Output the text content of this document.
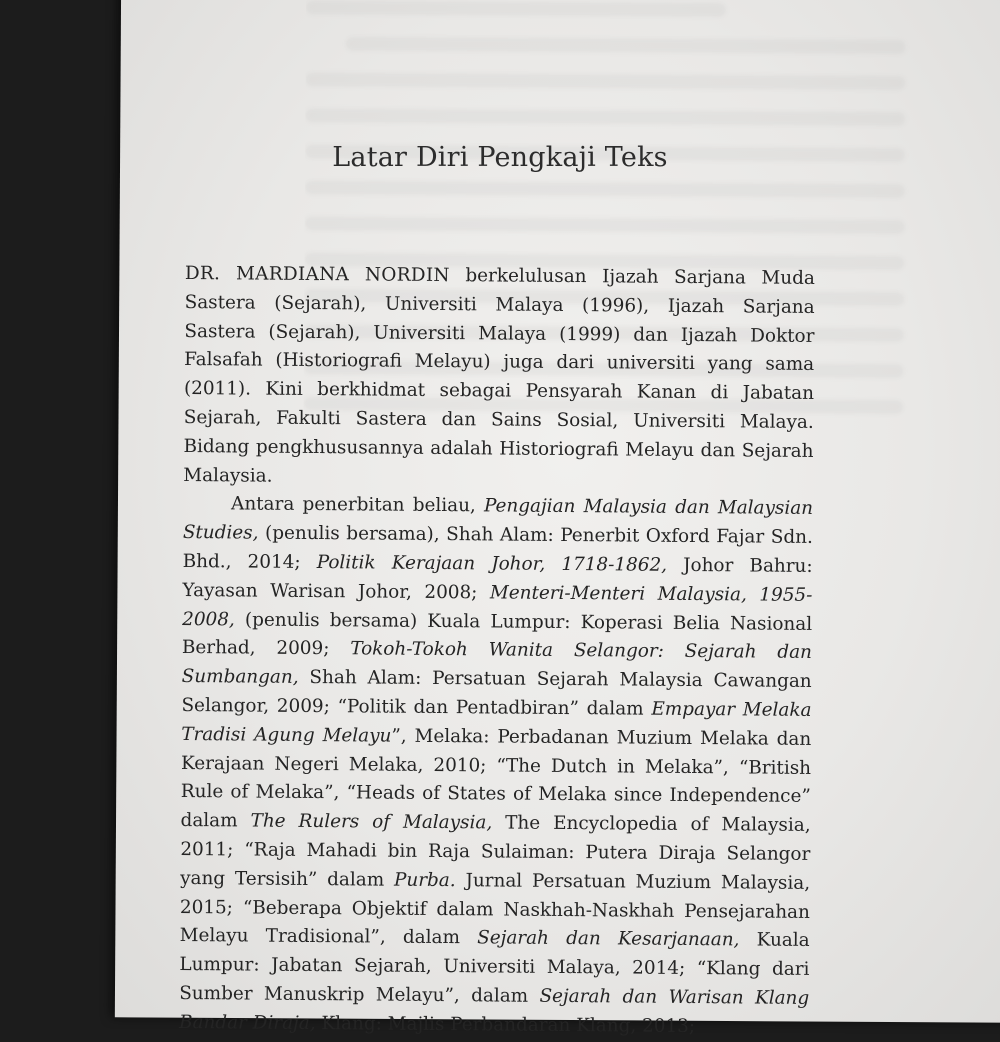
Latar Diri Pengkaji Teks

DR. MARDIANA NORDIN berkelulusan Ijazah Sarjana Muda Sastera (Sejarah), Universiti Malaya (1996), Ijazah Sarjana Sastera (Sejarah), Universiti Malaya (1999) dan Ijazah Doktor Falsafah (Historiografi Melayu) juga dari universiti yang sama (2011). Kini berkhidmat sebagai Pensyarah Kanan di Jabatan Sejarah, Fakulti Sastera dan Sains Sosial, Universiti Malaya. Bidang pengkhususannya adalah Historiografi Melayu dan Sejarah Malaysia.

Antara penerbitan beliau, Pengajian Malaysia dan Malaysian Studies, (penulis bersama), Shah Alam: Penerbit Oxford Fajar Sdn. Bhd., 2014; Politik Kerajaan Johor, 1718-1862, Johor Bahru: Yayasan Warisan Johor, 2008; Menteri-Menteri Malaysia, 1955-2008, (penulis bersama) Kuala Lumpur: Koperasi Belia Nasional Berhad, 2009; Tokoh-Tokoh Wanita Selangor: Sejarah dan Sumbangan, Shah Alam: Persatuan Sejarah Malaysia Cawangan Selangor, 2009; “Politik dan Pentadbiran” dalam Empayar Melaka Tradisi Agung Melayu”, Melaka: Perbadanan Muzium Melaka dan Kerajaan Negeri Melaka, 2010; “The Dutch in Melaka”, “British Rule of Melaka”, “Heads of States of Melaka since Independence” dalam The Rulers of Malaysia, The Encyclopedia of Malaysia, 2011; “Raja Mahadi bin Raja Sulaiman: Putera Diraja Selangor yang Tersisih” dalam Purba. Jurnal Persatuan Muzium Malaysia, 2015; “Beberapa Objektif dalam Naskhah-Naskhah Pensejarahan Melayu Tradisional”, dalam Sejarah dan Kesarjanaan, Kuala Lumpur: Jabatan Sejarah, Universiti Malaya, 2014; “Klang dari Sumber Manuskrip Melayu”, dalam Sejarah dan Warisan Klang Bandar Diraja, Klang: Majlis Perbandaran Klang, 2013;
